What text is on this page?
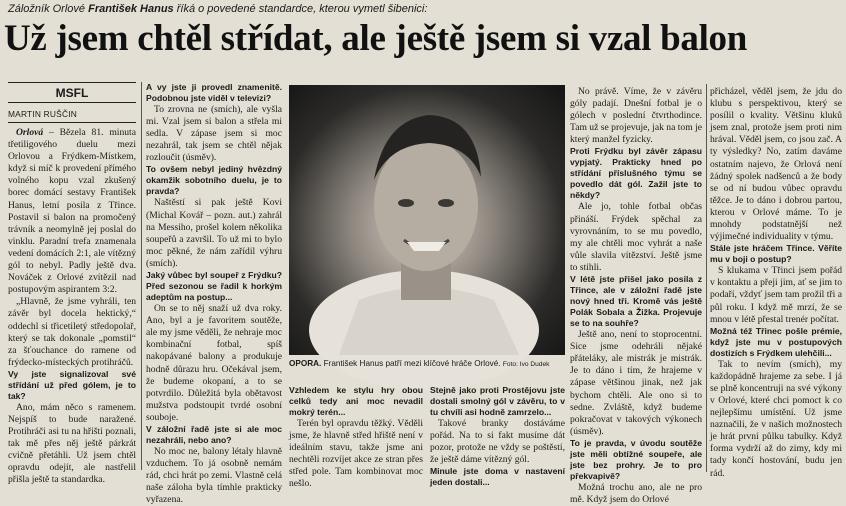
Záložník Orlové František Hanus říká o povedené standardce, kterou vymetl šibenici:
Už jsem chtěl střídat, ale ještě jsem si vzal balon
MSFL
MARTIN RUŠČIN

Orlová – Bězela 81. minuta třetiligového duelu mezi Orlovou a Frýdkem-Místkem, když si míč k provedení přímého volného kopu vzal zkušený borec domácí sestavy František Hanus, letní posila z Třince. Postavil si balon na promočený trávník a neomylně jej poslal do vinklu. Paradní trefa znamenala vedení domácích 2:1, ale vítězný gól to nebyl. Padly ještě dva. Nováček z Orlové zvítězil nad postupovým aspirantem 3:2.

„Hlavně, že jsme vyhráli, ten závěr byl docela hektický,“ oddechl si třicetiletý středopolař, který se tak dokonale „pomstil“ za šťouchance do ramene od frýdecko-místeckých protihráčů.

Vy jste signalizoval své střídání už před gólem, je to tak?

Ano, mám něco s ramenem. Nejspíš to bude naražené. Protihráči asi tu na hřišti poznali, tak mě přes něj ještě párkrát cvičně přetáhli. Už jsem chtěl opravdu odejít, ale nastřelil přišla ještě ta standardka.

A vy jste ji provedl znamenitě. Podobnou jste viděl v televizi?

To zrovna ne (smích), ale vyšla mi. Vzal jsem si balon a střela mi sedla. V zápase jsem si moc nezahrál, tak jsem se chtěl nějak rozloučit (úsměv).

To ovšem nebyl jediný hvězdný okamžik sobotního duelu, je to pravda?

Naštěstí si pak ještě Kovi (Michal Kovář – pozn. aut.) zahrál na Messiho, prošel kolem několika soupeřů a završil. To už mi to bylo moc pěkné, že nám zařídil výhru (smích).

Jaký vůbec byl soupeř z Frýdku? Před sezonou se řadil k horkým adeptům na postup...

On se to něj snaží už dva roky. Ano, byl a je favoritem soutěže, ale my jsme věděli, že nehraje moc kombinační fotbal, spíš nakopávané balony a produkuje hodně důrazu hru. Očekával jsem, že budeme okopaní, a to se potvrdilo. Důležitá byla obětavost mužstva podstoupit tvrdé osobní souboje.

V záložní řadě jste si ale moc nezahráli, nebo ano?

No moc ne, balony létaly hlavně vzduchem. To já osobně nemám rád, chci hrát po zemi. Vlastně celá naše záloha byla tímhle prakticky vyřazena.

OPORA. František Hanus patří mezi klíčové hráče Orlové. Foto: Ivo Dudek

Vzhledem ke stylu hry obou celků tedy ani moc nevadil mokrý terén...

Terén byl opravdu těžký. Věděli jsme, že hlavně střed hřiště není v ideálním stavu, takže jsme ani nechtěli rozvíjet akce ze stran přes střed pole. Tam kombinovat moc nešlo.

Stejně jako proti Prostějovu jste dostali smolný gól v závěru, to v tu chvíli asi hodně zamrzelo...

Takové branky dostáváme pořád. Na to si fakt musíme dát pozor, protože ne vždy se poštěstí, že ještě dáme vítězný gól.

Minule jste doma v nastavení jeden dostali...

No právě. Víme, že v závěru góly padají. Dnešní fotbal je o gólech v poslední čtvrthodince. Tam už se projevuje, jak na tom je který manžel fyzicky.

Proti Frýdku byl závěr zápasu vypjatý. Prakticky hned po střídání příslušného týmu se povedlo dát gól. Zažil jste to někdy?

Ale jo, tohle fotbal občas přináší. Frýdek spěchal za vyrovnáním, to se mu povedlo, my ale chtěli moc vyhrát a naše vůle slavila vítězství. Ještě jsme to stihli.

V létě jste přišel jako posila z Třince, ale v záložní řadě jste nový hned tři. Kromě vás ještě Polák Sobala a Žižka. Projevuje se to na souhře?

Ještě ano, není to stoprocentní. Sice jsme odehráli nějaké přáteláky, ale mistrák je mistrák. Je to dáno i tím, že hrajeme v zápase většinou jinak, než jak bychom chtěli. Ale ono si to sedne. Zvláště, když budeme pokračovat v takových výkonech (úsměv).

To je pravda, v úvodu soutěže jste měli obtížné soupeře, ale jste bez prohry. Je to pro překvapivě?

Možná trochu ano, ale ne pro mě. Když jsem do Orlové

přicházel, věděl jsem, že jdu do klubu s perspektivou, který se posílil o kvality. Většinu kluků jsem znal, protože jsem proti nim hrával. Věděl jsem, co jsou zač. A ty výsledky? No, zatím daváme ostatním najevo, že Orlová není žádný spolek nadšenců a že body se od ní budou vůbec opravdu těžce. Je to dáno i dobrou partou, kterou v Orlové máme. To je mnohdy podstatnější než výjimečné individuality v týmu.

Stále jste hráčem Třince. Věříte mu v boji o postup?

S klukama v Třinci jsem pořád v kontaktu a přeji jim, ať se jim to podaří, vždyť jsem tam prožil tři a půl roku. I když mě mrzí, že se mnou v létě přestal trenér počítat.

Možná též Třinec pošle prémie, když jste mu v postupových dostizích s Frýdkem ulehčili...

Tak to nevím (smích), my každopádně hrajeme za sebe. I já se plně koncentruji na své výkony v Orlové, které chci pomoct k co nejlepšímu umístění. Už jsme naznačili, že v našich možnostech je hrát první půlku tabulky. Když forma vydrží až do zimy, kdy mi tady končí hostování, budu jen rád.
